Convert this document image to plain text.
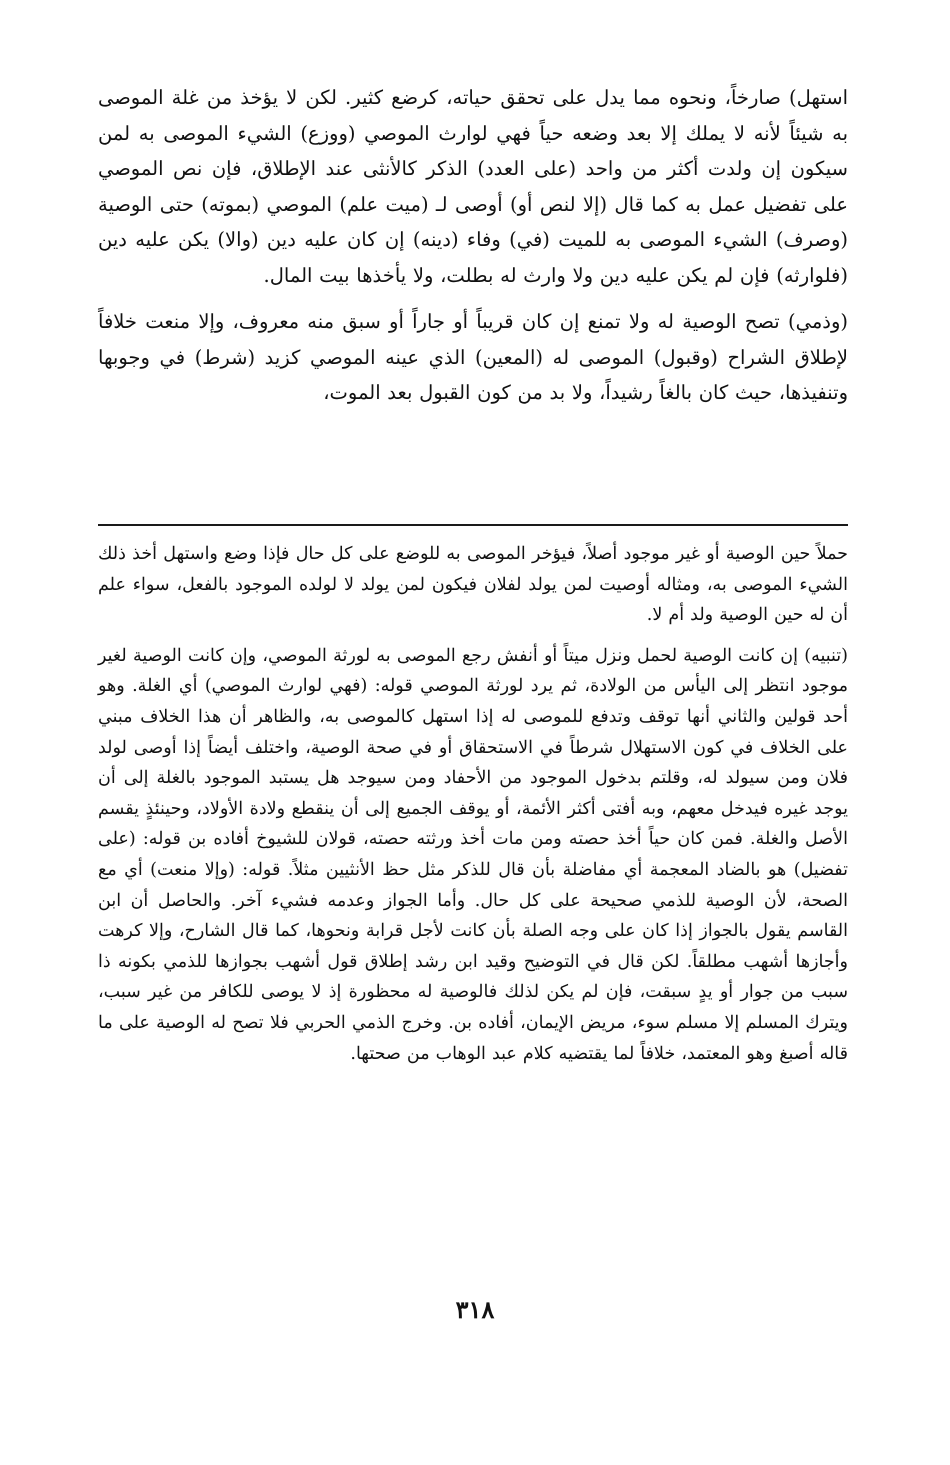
استهل) صارخاً، ونحوه مما يدل على تحقق حياته، كرضع كثير. لكن لا يؤخذ من غلة الموصى به شيئاً لأنه لا يملك إلا بعد وضعه حياً فهي لوارث الموصي (ووزع) الشيء الموصى به لمن سيكون إن ولدت أكثر من واحد (على العدد) الذكر كالأنثى عند الإطلاق، فإن نص الموصي على تفضيل عمل به كما قال (إلا لنص أو) أوصى لـ (ميت علم) الموصي (بموته) حتى الوصية (وصرف) الشيء الموصى به للميت (في) وفاء (دينه) إن كان عليه دين (والا) يكن عليه دين (فلوارثه) فإن لم يكن عليه دين ولا وارث له بطلت، ولا يأخذها بيت المال.

(وذمي) تصح الوصية له ولا تمنع إن كان قريباً أو جاراً أو سبق منه معروف، وإلا منعت خلافاً لإطلاق الشراح (وقبول) الموصى له (المعين) الذي عينه الموصي كزيد (شرط) في وجوبها وتنفيذها، حيث كان بالغاً رشيداً، ولا بد من كون القبول بعد الموت،

حملاً حين الوصية أو غير موجود أصلاً، فيؤخر الموصى به للوضع على كل حال فإذا وضع واستهل أخذ ذلك الشيء الموصى به، ومثاله أوصيت لمن يولد لفلان فيكون لمن يولد لا لولده الموجود بالفعل، سواء علم أن له حين الوصية ولد أم لا.

(تنبيه) إن كانت الوصية لحمل ونزل ميتاً أو أنفش رجع الموصى به لورثة الموصي، وإن كانت الوصية لغير موجود انتظر إلى اليأس من الولادة، ثم يرد لورثة الموصي قوله: (فهي لوارث الموصي) أي الغلة. وهو أحد قولين والثاني أنها توقف وتدفع للموصى له إذا استهل كالموصى به، والظاهر أن هذا الخلاف مبني على الخلاف في كون الاستهلال شرطاً في الاستحقاق أو في صحة الوصية، واختلف أيضاً إذا أوصى لولد فلان ومن سيولد له، وقلتم بدخول الموجود من الأحفاد ومن سيوجد هل يستبد الموجود بالغلة إلى أن يوجد غيره فيدخل معهم، وبه أفتى أكثر الأئمة، أو يوقف الجميع إلى أن ينقطع ولادة الأولاد، وحينئذٍ يقسم الأصل والغلة. فمن كان حياً أخذ حصته ومن مات أخذ ورثته حصته، قولان للشيوخ أفاده بن قوله: (على تفضيل) هو بالضاد المعجمة أي مفاضلة بأن قال للذكر مثل حظ الأنثيين مثلاً. قوله: (وإلا منعت) أي مع الصحة، لأن الوصية للذمي صحيحة على كل حال. وأما الجواز وعدمه فشيء آخر. والحاصل أن ابن القاسم يقول بالجواز إذا كان على وجه الصلة بأن كانت لأجل قرابة ونحوها، كما قال الشارح، وإلا كرهت وأجازها أشهب مطلقاً. لكن قال في التوضيح وقيد ابن رشد إطلاق قول أشهب بجوازها للذمي بكونه ذا سبب من جوار أو يدٍ سبقت، فإن لم يكن لذلك فالوصية له محظورة إذ لا يوصى للكافر من غير سبب، ويترك المسلم إلا مسلم سوء، مريض الإيمان، أفاده بن. وخرج الذمي الحربي فلا تصح له الوصية على ما قاله أصبغ وهو المعتمد، خلافاً لما يقتضيه كلام عبد الوهاب من صحتها.

٣١٨
